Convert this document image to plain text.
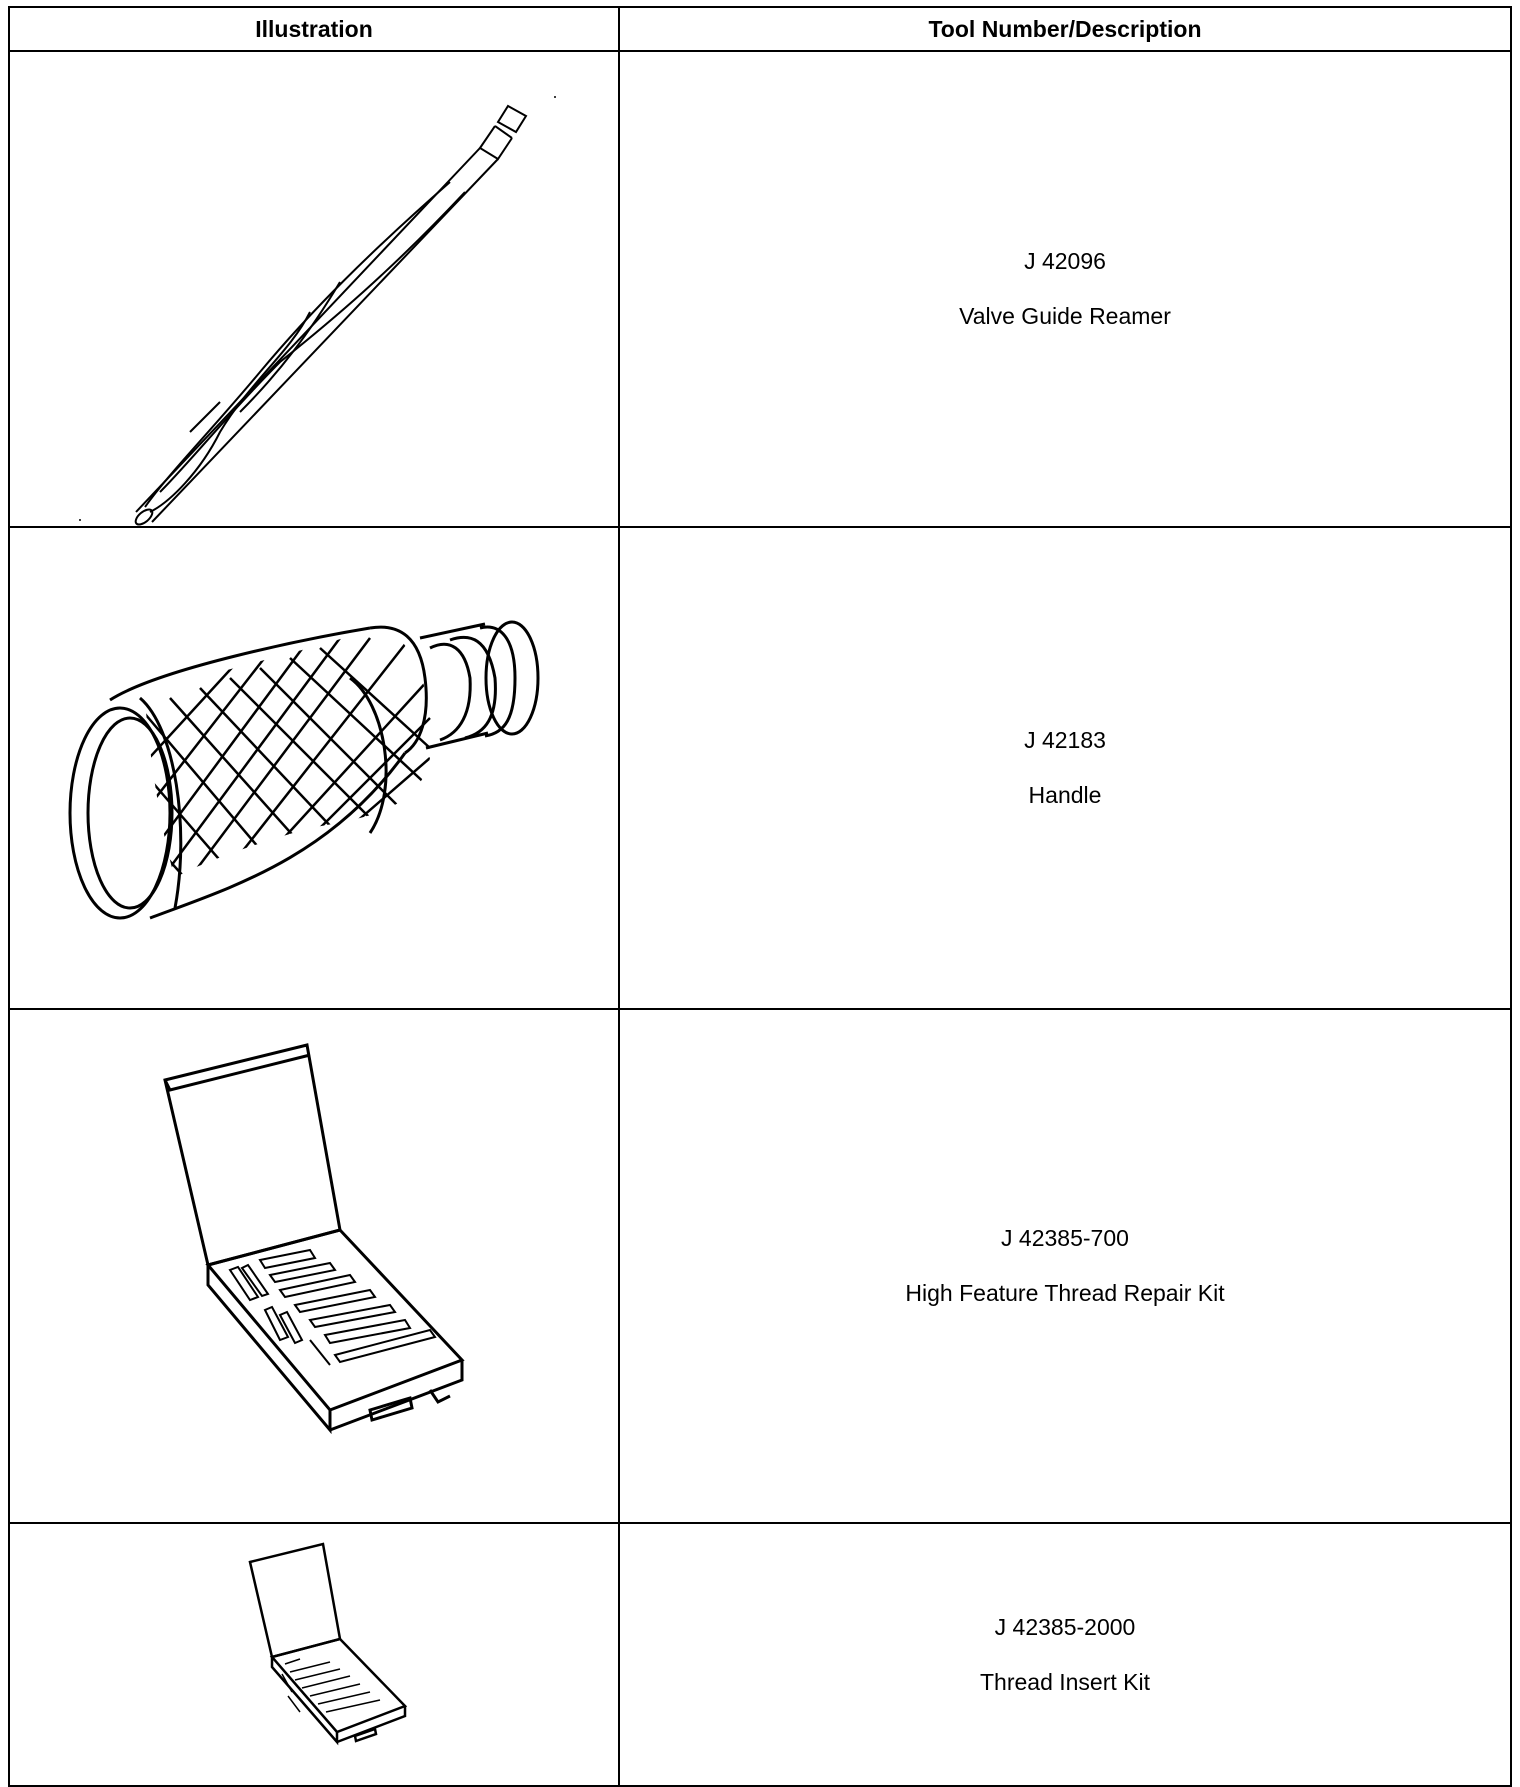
Illustration	Tool Number/Description

J 42096
Valve Guide Reamer

J 42183
Handle

J 42385-700
High Feature Thread Repair Kit

J 42385-2000
Thread Insert Kit
